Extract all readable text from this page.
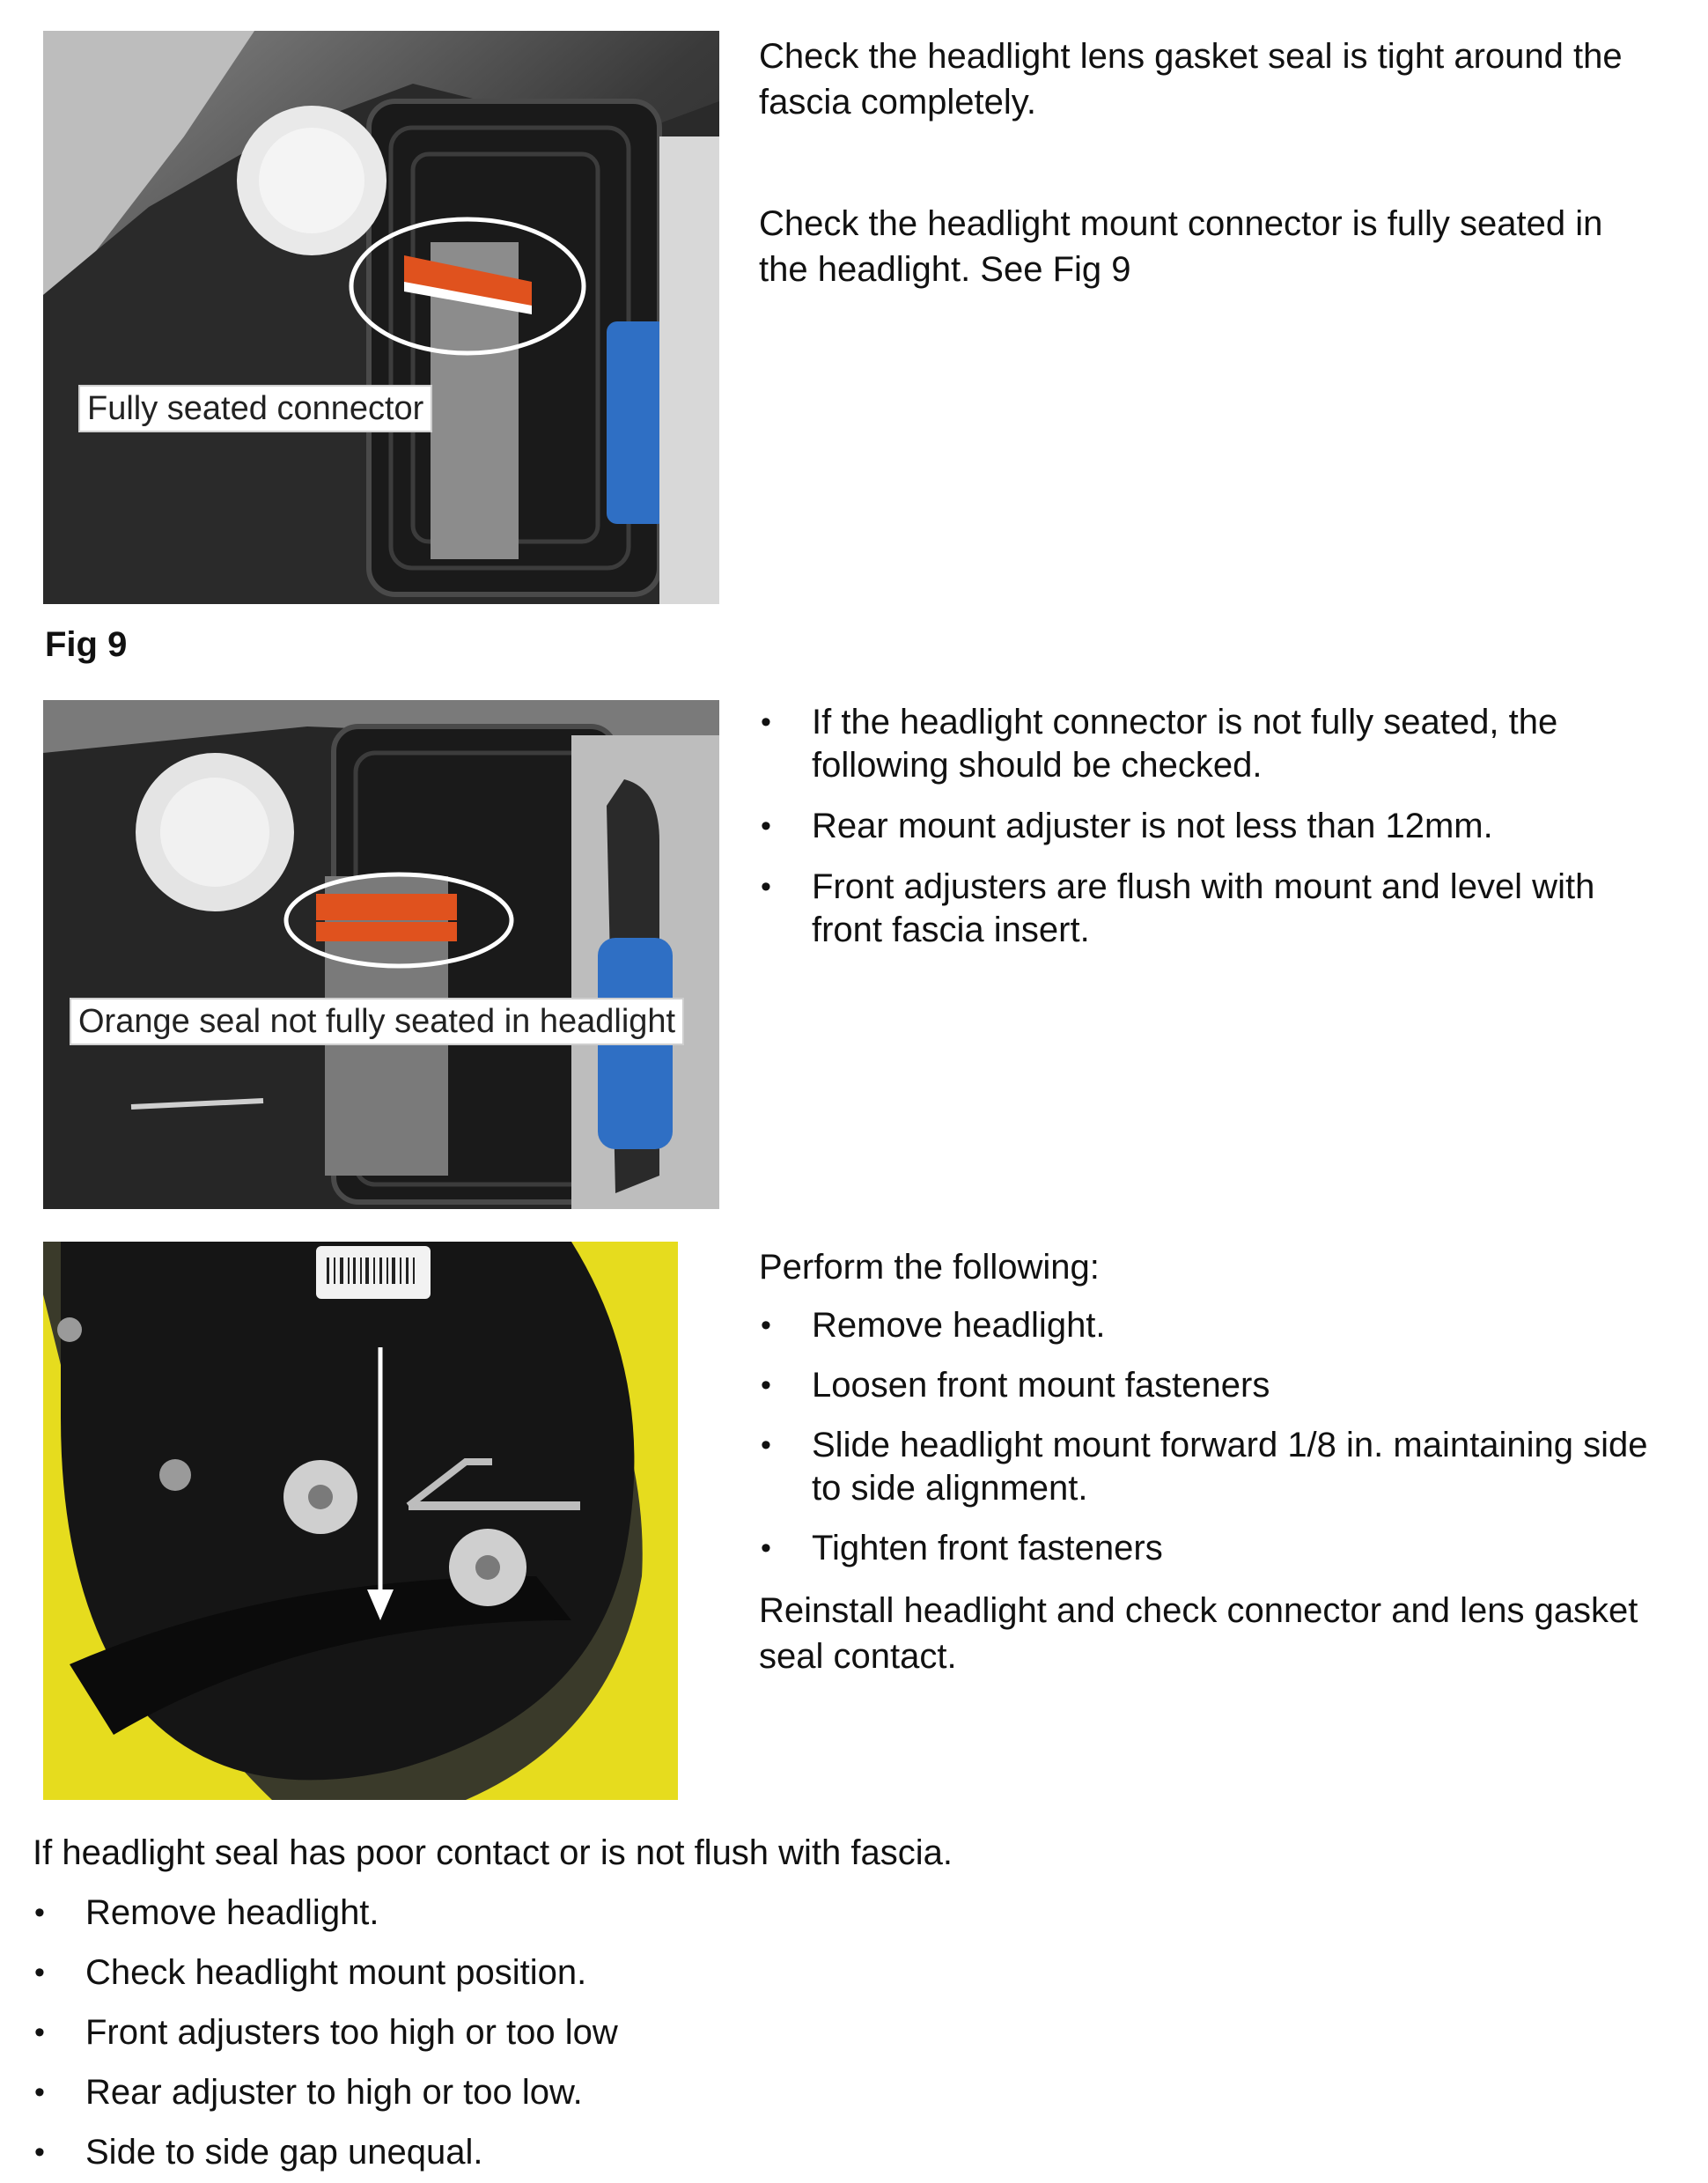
Fully seated connector

Check the headlight lens gasket seal is tight around the fascia completely.

Check the headlight mount connector is fully seated in the headlight. See Fig 9

Fig 9
Orange seal not fully seated in headlight
• If the headlight connector is not fully seated, the following should be checked.
• Rear mount adjuster is not less than 12mm.
• Front adjusters are flush with mount and level with front fascia insert.

Perform the following:

• Remove headlight.
• Loosen front mount fasteners
• Slide headlight mount forward 1/8 in. maintaining side to side alignment.
• Tighten front fasteners

Reinstall headlight and check connector and lens gasket seal contact.

If headlight seal has poor contact or is not flush with fascia.

• Remove headlight.
• Check headlight mount position.
• Front adjusters too high or too low
• Rear adjuster to high or too low.
• Side to side gap unequal.
